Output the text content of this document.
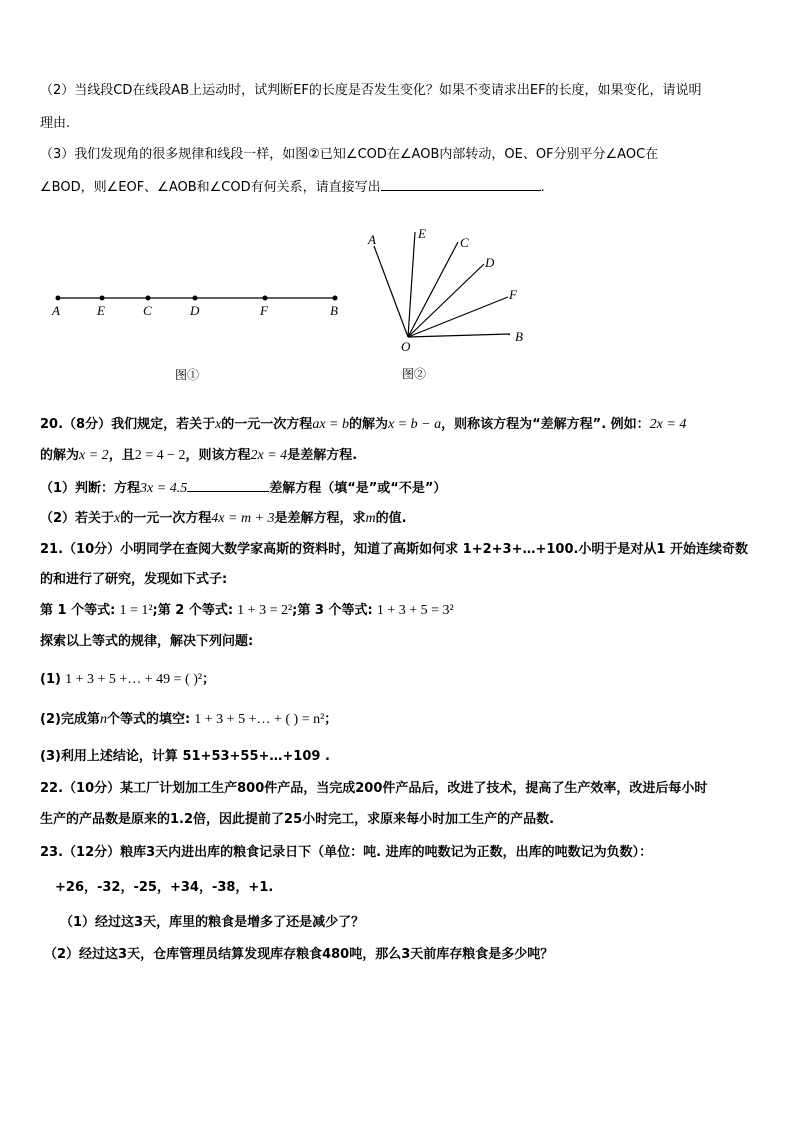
（2）当线段CD在线段AB上运动时，试判断EF的长度是否发生变化？如果不变请求出EF的长度，如果变化，请说明
理由.
（3）我们发现角的很多规律和线段一样，如图②已知∠COD在∠AOB内部转动，OE、OF分别平分∠AOC在
∠BOD，则∠EOF、∠AOB和∠COD有何关系，请直接写出	.
A	E	C	D	F	B
图①
A	E
C
D
F
B
O
图②
20.（8分）我们规定，若关于x的一元一次方程ax = b的解为x = b − a，则称该方程为“差解方程”. 例如：2x = 4
的解为x = 2，且2 = 4 − 2，则该方程2x = 4是差解方程.
（1）判断：方程3x = 4.5	差解方程（填“是”或“不是”）
（2）若关于x的一元一次方程4x = m + 3是差解方程，求m的值.
21.（10分）小明同学在查阅大数学家高斯的资料时，知道了高斯如何求 1+2+3+…+100.小明于是对从1 开始连续奇数
的和进行了研究，发现如下式子:
第 1 个等式: 1 = 1²;第 2 个等式: 1 + 3 = 2²;第 3 个等式: 1 + 3 + 5 = 3²
探索以上等式的规律，解决下列问题:
(1) 1 + 3 + 5 +… + 49 = ( )²；
(2)完成第n个等式的填空: 1 + 3 + 5 +… + ( ) = n²；
(3)利用上述结论，计算 51+53+55+…+109 .
22.（10分）某工厂计划加工生产800件产品，当完成200件产品后，改进了技术，提高了生产效率，改进后每小时
生产的产品数是原来的1.2倍，因此提前了25小时完工，求原来每小时加工生产的产品数.
23.（12分）粮库3天内进出库的粮食记录日下（单位：吨. 进库的吨数记为正数，出库的吨数记为负数）：
+26，-32，-25，+34，-38，+1.
（1）经过这3天，库里的粮食是增多了还是减少了？
（2）经过这3天，仓库管理员结算发现库存粮食480吨，那么3天前库存粮食是多少吨？
